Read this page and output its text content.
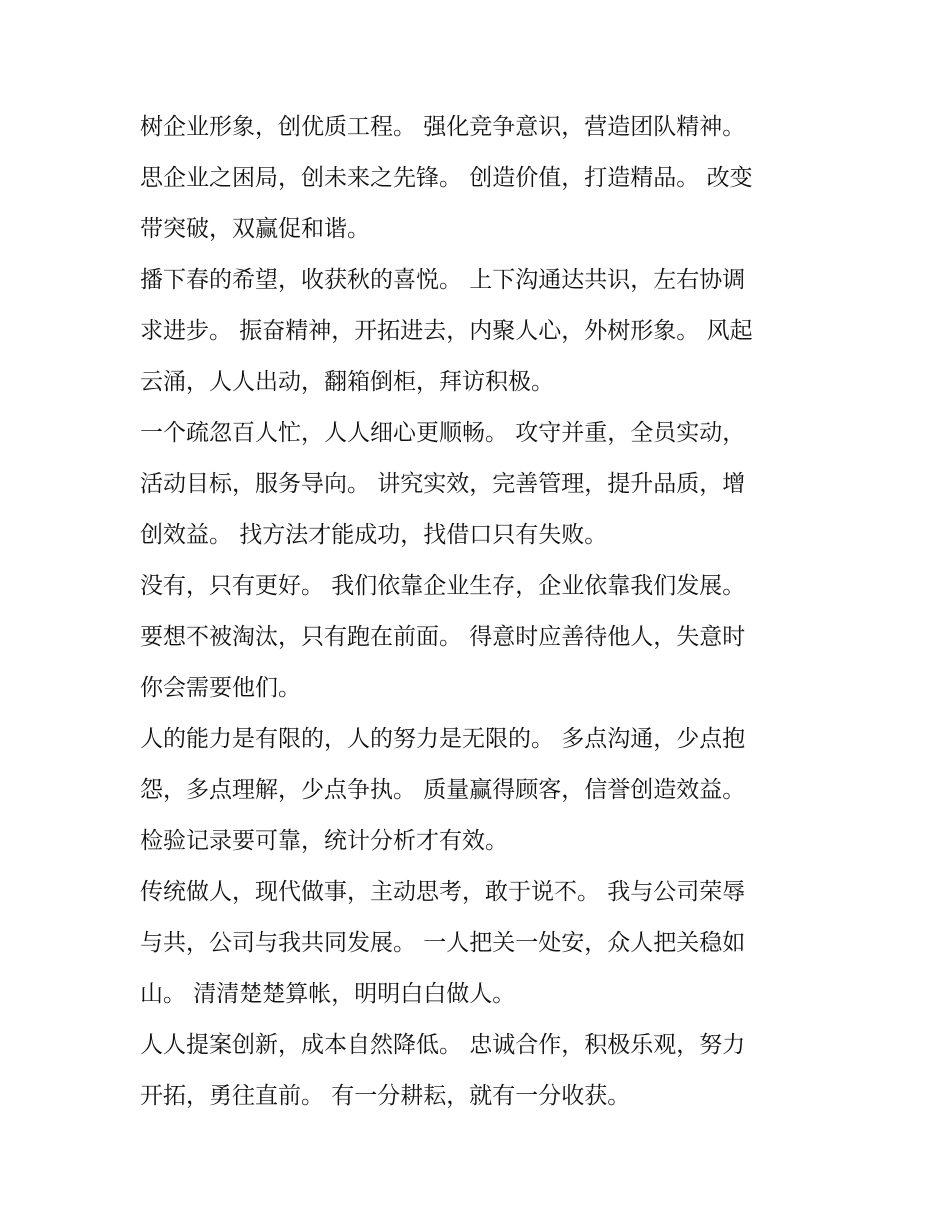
树企业形象，创优质工程。 强化竞争意识，营造团队精神。
思企业之困局，创未来之先锋。 创造价值，打造精品。 改变
带突破，双赢促和谐。

播下春的希望，收获秋的喜悦。 上下沟通达共识，左右协调
求进步。 振奋精神，开拓进去，内聚人心，外树形象。 风起
云涌，人人出动，翻箱倒柜，拜访积极。

一个疏忽百人忙，人人细心更顺畅。 攻守并重，全员实动，
活动目标，服务导向。 讲究实效，完善管理，提升品质，增
创效益。 找方法才能成功，找借口只有失败。

没有，只有更好。 我们依靠企业生存，企业依靠我们发展。
要想不被淘汰，只有跑在前面。 得意时应善待他人，失意时
你会需要他们。

人的能力是有限的，人的努力是无限的。 多点沟通，少点抱
怨，多点理解，少点争执。 质量赢得顾客，信誉创造效益。
检验记录要可靠，统计分析才有效。

传统做人，现代做事，主动思考，敢于说不。 我与公司荣辱
与共，公司与我共同发展。 一人把关一处安，众人把关稳如
山。 清清楚楚算帐，明明白白做人。

人人提案创新，成本自然降低。 忠诚合作，积极乐观，努力
开拓，勇往直前。 有一分耕耘，就有一分收获。
